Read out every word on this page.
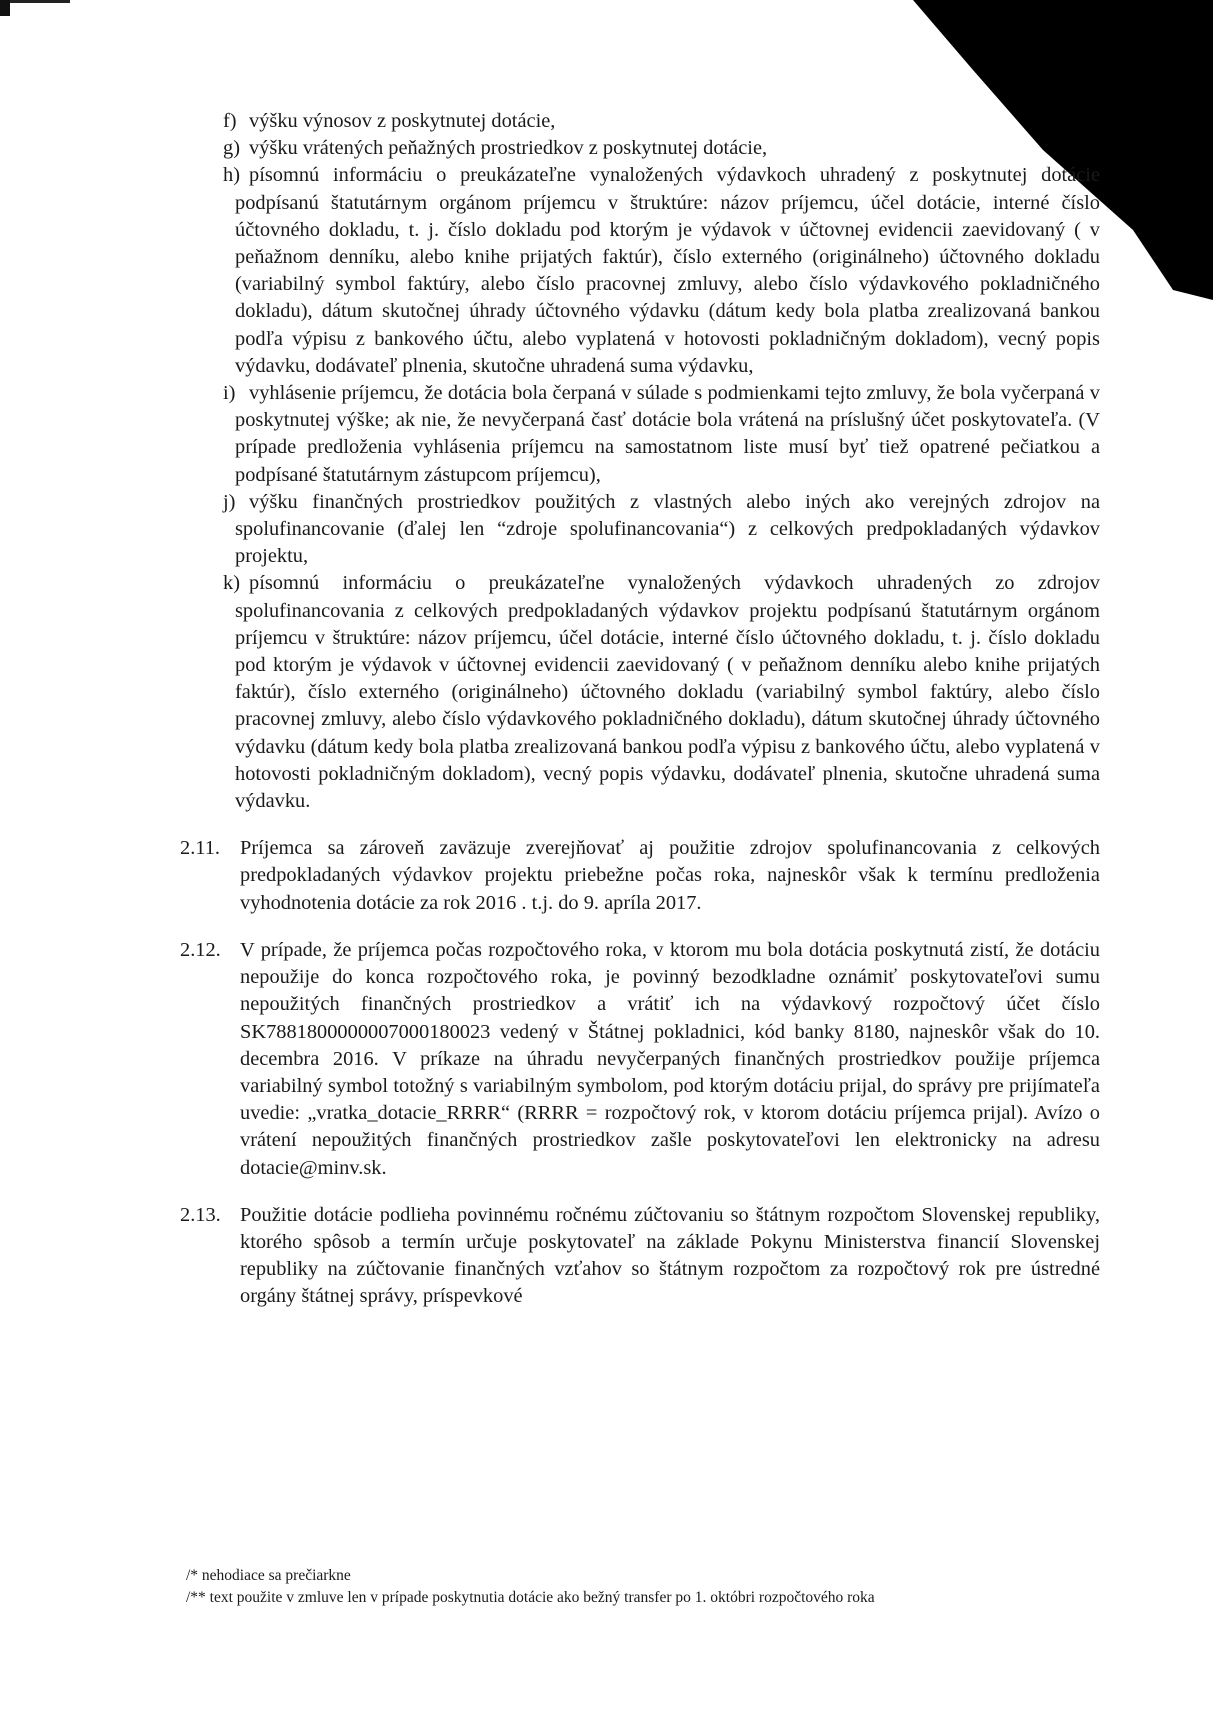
f) výšku výnosov z poskytnutej dotácie,
g) výšku vrátených peňažných prostriedkov z poskytnutej dotácie,
h) písomnú informáciu o preukázateľne vynaložených výdavkoch uhradený z poskytnutej dotácie podpísanú štatutárnym orgánom príjemcu v štruktúre: názov príjemcu, účel dotácie, interné číslo účtovného dokladu, t. j. číslo dokladu pod ktorým je výdavok v účtovnej evidencii zaevidovaný ( v peňažnom denníku, alebo knihe prijatých faktúr), číslo externého (originálneho) účtovného dokladu (variabilný symbol faktúry, alebo číslo pracovnej zmluvy, alebo číslo výdavkového pokladničného dokladu), dátum skutočnej úhrady účtovného výdavku (dátum kedy bola platba zrealizovaná bankou podľa výpisu z bankového účtu, alebo vyplatená v hotovosti pokladničným dokladom), vecný popis výdavku, dodávateľ plnenia, skutočne uhradená suma výdavku,
i) vyhlásenie príjemcu, že dotácia bola čerpaná v súlade s podmienkami tejto zmluvy, že bola vyčerpaná v poskytnutej výške; ak nie, že nevyčerpaná časť dotácie bola vrátená na príslušný účet poskytovateľa. (V prípade predloženia vyhlásenia príjemcu na samostatnom liste musí byť tiež opatrené pečiatkou a podpísané štatutárnym zástupcom príjemcu),
j) výšku finančných prostriedkov použitých z vlastných alebo iných ako verejných zdrojov na spolufinancovanie (ďalej len “zdroje spolufinancovania“) z celkových predpokladaných výdavkov projektu,
k) písomnú informáciu o preukázateľne vynaložených výdavkoch uhradených zo zdrojov spolufinancovania z celkových predpokladaných výdavkov projektu podpísanú štatutárnym orgánom príjemcu v štruktúre: názov príjemcu, účel dotácie, interné číslo účtovného dokladu, t. j. číslo dokladu pod ktorým je výdavok v účtovnej evidencii zaevidovaný ( v peňažnom denníku alebo knihe prijatých faktúr), číslo externého (originálneho) účtovného dokladu (variabilný symbol faktúry, alebo číslo pracovnej zmluvy, alebo číslo výdavkového pokladničného dokladu), dátum skutočnej úhrady účtovného výdavku (dátum kedy bola platba zrealizovaná bankou podľa výpisu z bankového účtu, alebo vyplatená v hotovosti pokladničným dokladom), vecný popis výdavku, dodávateľ plnenia, skutočne uhradená suma výdavku.
2.11. Príjemca sa zároveň zaväzuje zverejňovať aj použitie zdrojov spolufinancovania z celkových predpokladaných výdavkov projektu priebežne počas roka, najneskôr však k termínu predloženia vyhodnotenia dotácie za rok 2016 . t.j. do 9. apríla 2017.
2.12. V prípade, že príjemca počas rozpočtového roka, v ktorom mu bola dotácia poskytnutá zistí, že dotáciu nepoužije do konca rozpočtového roka, je povinný bezodkladne oznámiť poskytovateľovi sumu nepoužitých finančných prostriedkov a vrátiť ich na výdavkový rozpočtový účet číslo SK7881800000007000180023 vedený v Štátnej pokladnici, kód banky 8180, najneskôr však do 10. decembra 2016. V príkaze na úhradu nevyčerpaných finančných prostriedkov použije príjemca variabilný symbol totožný s variabilným symbolom, pod ktorým dotáciu prijal, do správy pre prijímateľa uvedie: „vratka_dotacie_RRRR“ (RRRR = rozpočtový rok, v ktorom dotáciu príjemca prijal). Avízo o vrátení nepoužitých finančných prostriedkov zašle poskytovateľovi len elektronicky na adresu dotacie@minv.sk.
2.13. Použitie dotácie podlieha povinnému ročnému zúčtovaniu so štátnym rozpočtom Slovenskej republiky, ktorého spôsob a termín určuje poskytovateľ na základe Pokynu Ministerstva financií Slovenskej republiky na zúčtovanie finančných vzťahov so štátnym rozpočtom za rozpočtový rok pre ústredné orgány štátnej správy, príspevkové
/* nehodiace sa prečiarkne
/** text použite v zmluve len v prípade poskytnutia dotácie ako bežný transfer po 1. októbri rozpočtového roka
